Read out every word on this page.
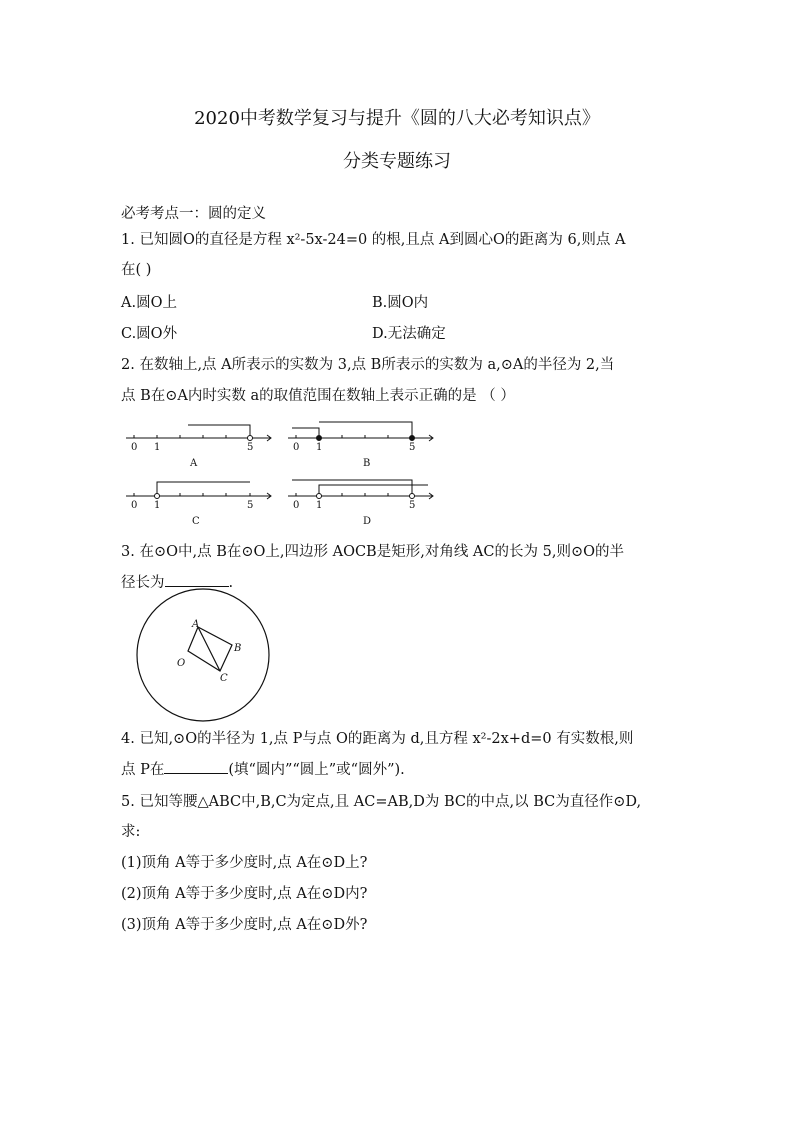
2020中考数学复习与提升《圆的八大必考知识点》
分类专题练习
必考考点一：圆的定义
1. 已知圆O的直径是方程 x²-5x-24=0 的根,且点 A到圆心O的距离为 6,则点 A
在( )
A.圆O上	B.圆O内
C.圆O外	D.无法确定
2. 在数轴上,点 A所表示的实数为 3,点 B所表示的实数为 a,⊙A的半径为 2,当
点 B在⊙A内时实数 a的取值范围在数轴上表示正确的是 （ ）
0 1	5
A
0 1	5
B
0 1	5
C
0 1	5
D
3. 在⊙O中,点 B在⊙O上,四边形 AOCB是矩形,对角线 AC的长为 5,则⊙O的半
径长为	.
A
B
C
O
4. 已知,⊙O的半径为 1,点 P与点 O的距离为 d,且方程 x²-2x+d=0 有实数根,则
点 P在	(填“圆内”“圆上”或“圆外”).
5. 已知等腰△ABC中,B,C为定点,且 AC=AB,D为 BC的中点,以 BC为直径作⊙D,
求:
(1)顶角 A等于多少度时,点 A在⊙D上?
(2)顶角 A等于多少度时,点 A在⊙D内?
(3)顶角 A等于多少度时,点 A在⊙D外?
